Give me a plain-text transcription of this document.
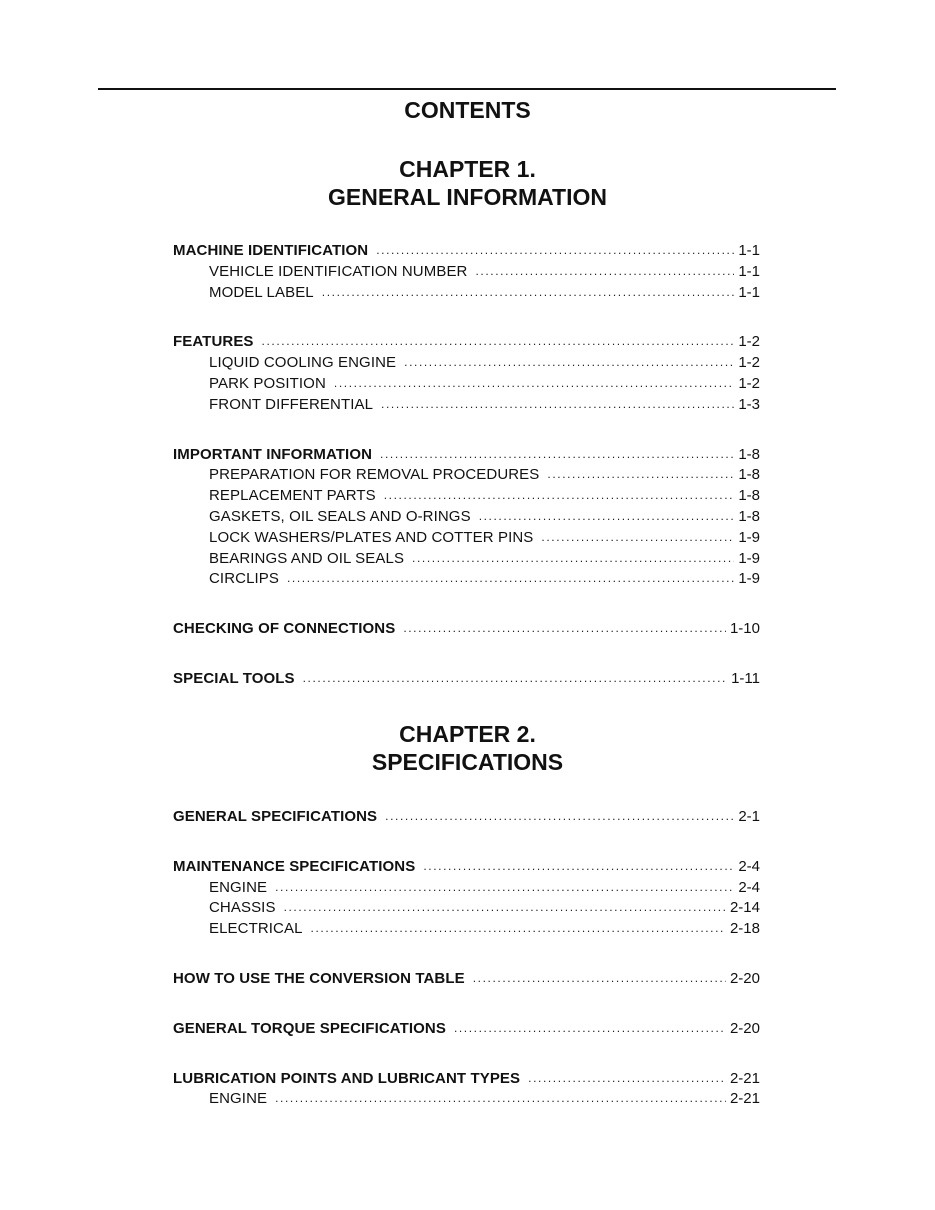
CONTENTS
CHAPTER 1.
GENERAL INFORMATION
MACHINE IDENTIFICATION .....	1-1
VEHICLE IDENTIFICATION NUMBER .....	1-1
MODEL LABEL .....	1-1
FEATURES .....	1-2
LIQUID COOLING ENGINE .....	1-2
PARK POSITION .....	1-2
FRONT DIFFERENTIAL .....	1-3
IMPORTANT INFORMATION .....	1-8
PREPARATION FOR REMOVAL PROCEDURES .....	1-8
REPLACEMENT PARTS .....	1-8
GASKETS, OIL SEALS AND O-RINGS .....	1-8
LOCK WASHERS/PLATES AND COTTER PINS .....	1-9
BEARINGS AND OIL SEALS .....	1-9
CIRCLIPS .....	1-9
CHECKING OF CONNECTIONS .....	1-10
SPECIAL TOOLS .....	1-11
CHAPTER 2.
SPECIFICATIONS
GENERAL SPECIFICATIONS .....	2-1
MAINTENANCE SPECIFICATIONS .....	2-4
ENGINE .....	2-4
CHASSIS .....	2-14
ELECTRICAL .....	2-18
HOW TO USE THE CONVERSION TABLE .....	2-20
GENERAL TORQUE SPECIFICATIONS .....	2-20
LUBRICATION POINTS AND LUBRICANT TYPES .....	2-21
ENGINE .....	2-21
